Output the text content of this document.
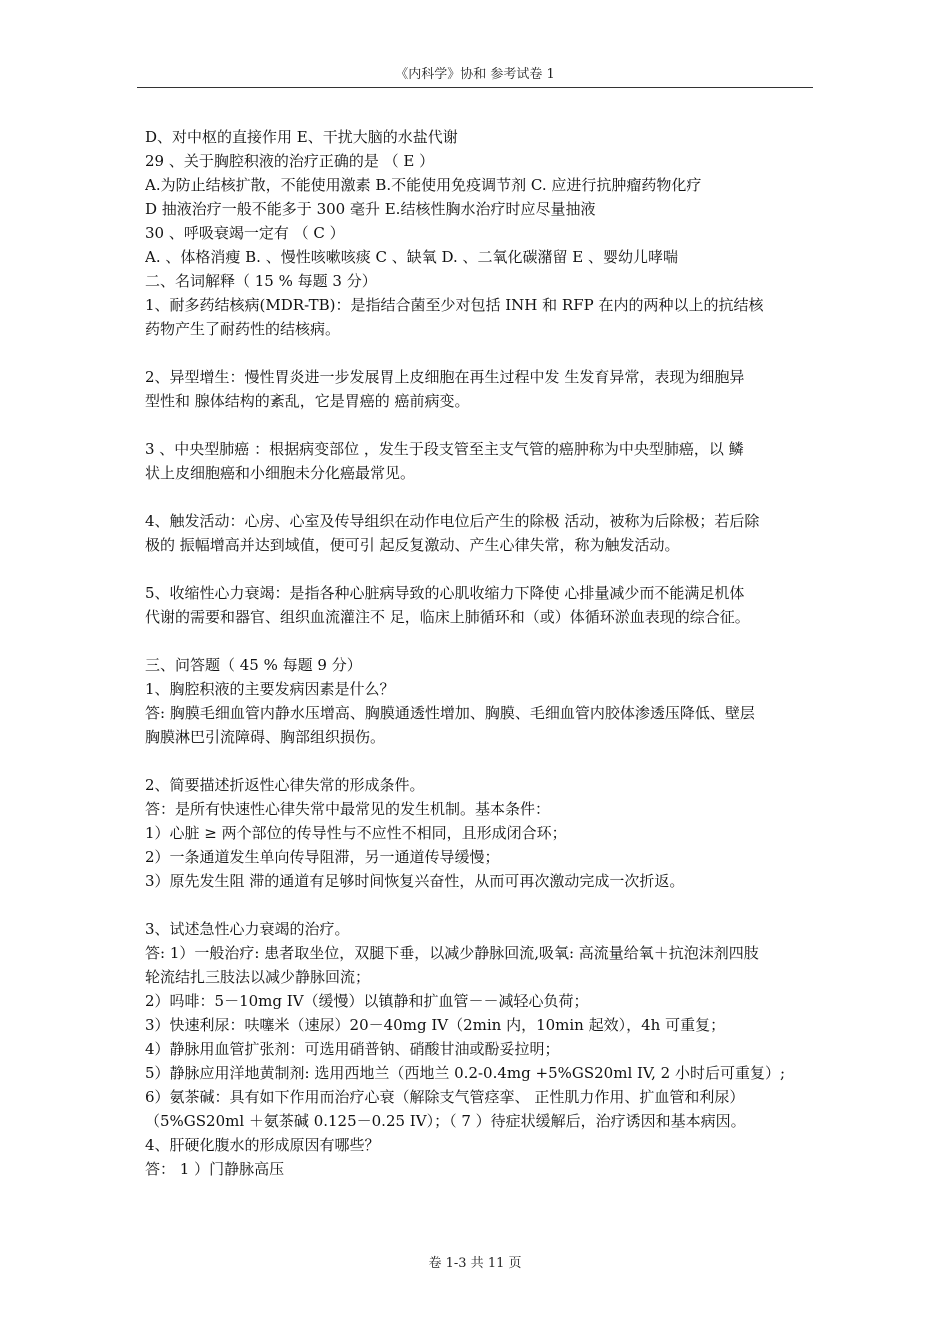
《内科学》协和 参考试卷 1
D、对中枢的直接作用 E、干扰大脑的水盐代谢
29 、关于胸腔积液的治疗正确的是 （ E ）
A.为防止结核扩散，不能使用激素 B.不能使用免疫调节剂 C. 应进行抗肿瘤药物化疗
D 抽液治疗一般不能多于 300 毫升 E.结核性胸水治疗时应尽量抽液
30 、呼吸衰竭一定有 （ C ）
A. 、体格消瘦 B. 、慢性咳嗽咳痰 C 、缺氧 D. 、二氧化碳潴留 E 、婴幼儿哮喘
二、名词解释（ 15 % 每题 3 分）
1、耐多药结核病(MDR-TB)：是指结合菌至少对包括 INH 和 RFP 在内的两种以上的抗结核
药物产生了耐药性的结核病。
2、异型增生：慢性胃炎进一步发展胃上皮细胞在再生过程中发 生发育异常，表现为细胞异
型性和 腺体结构的紊乱，它是胃癌的 癌前病变。
3 、中央型肺癌 ：根据病变部位 ，发生于段支管至主支气管的癌肿称为中央型肺癌，以 鳞
状上皮细胞癌和小细胞未分化癌最常见。
4、触发活动：心房、心室及传导组织在动作电位后产生的除极 活动，被称为后除极；若后除
极的 振幅增高并达到域值，便可引 起反复激动、产生心律失常，称为触发活动。
5、收缩性心力衰竭：是指各种心脏病导致的心肌收缩力下降使 心排量减少而不能满足机体
代谢的需要和器官、组织血流灌注不 足，临床上肺循环和（或）体循环淤血表现的综合征。
三、问答题（ 45 % 每题 9 分）
1、胸腔积液的主要发病因素是什么？
答: 胸膜毛细血管内静水压增高、胸膜通透性增加、胸膜、毛细血管内胶体渗透压降低、壁层
胸膜淋巴引流障碍、胸部组织损伤。
2、简要描述折返性心律失常的形成条件。
答：是所有快速性心律失常中最常见的发生机制。基本条件：
1）心脏 ≥ 两个部位的传导性与不应性不相同，且形成闭合环；
2）一条通道发生单向传导阻滞，另一通道传导缓慢；
3）原先发生阻 滞的通道有足够时间恢复兴奋性，从而可再次激动完成一次折返。
3、试述急性心力衰竭的治疗。
答: 1）一般治疗: 患者取坐位，双腿下垂，以减少静脉回流,吸氧: 高流量给氧＋抗泡沫剂四肢
轮流结扎三肢法以减少静脉回流；
2）吗啡：5－10mg IV（缓慢）以镇静和扩血管－－减轻心负荷；
3）快速利尿：呋噻米（速尿）20－40mg IV（2min 内，10min 起效），4h 可重复；
4）静脉用血管扩张剂：可选用硝普钠、硝酸甘油或酚妥拉明；
5）静脉应用洋地黄制剂: 选用西地兰（西地兰 0.2-0.4mg +5%GS20ml IV, 2 小时后可重复）;
6）氨茶碱：具有如下作用而治疗心衰（解除支气管痉挛、 正性肌力作用、扩血管和利尿）
（5%GS20ml ＋氨茶碱 0.125－0.25 IV）；（ 7 ）待症状缓解后，治疗诱因和基本病因。
4、肝硬化腹水的形成原因有哪些？
答： 1 ）门静脉高压
卷 1-3 共 11 页
